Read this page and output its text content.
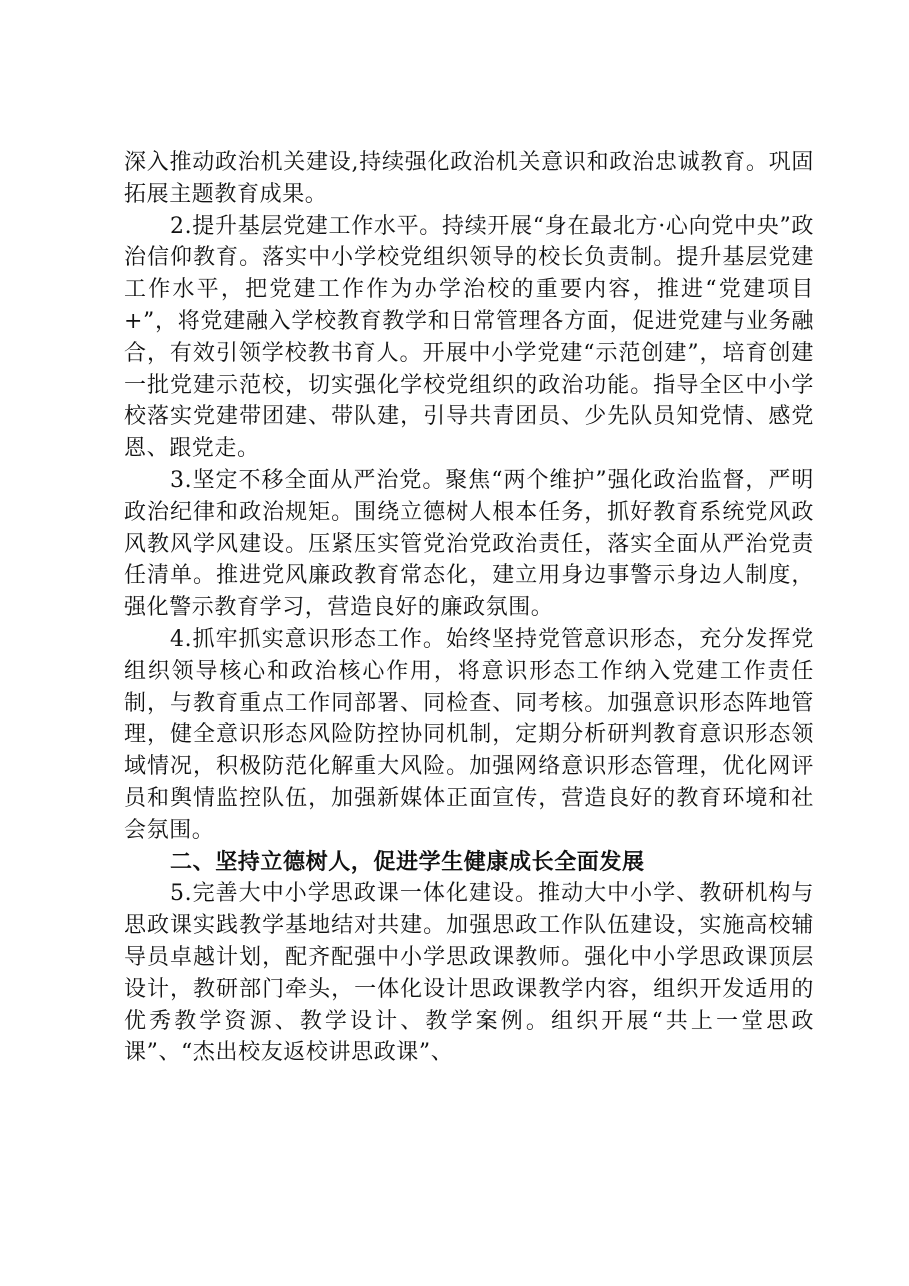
深入推动政治机关建设,持续强化政治机关意识和政治忠诚教育。巩固拓展主题教育成果。

2.提升基层党建工作水平。持续开展“身在最北方·心向党中央”政治信仰教育。落实中小学校党组织领导的校长负责制。提升基层党建工作水平，把党建工作作为办学治校的重要内容，推进“党建项目+”，将党建融入学校教育教学和日常管理各方面，促进党建与业务融合，有效引领学校教书育人。开展中小学党建“示范创建”，培育创建一批党建示范校，切实强化学校党组织的政治功能。指导全区中小学校落实党建带团建、带队建，引导共青团员、少先队员知党情、感党恩、跟党走。

3.坚定不移全面从严治党。聚焦“两个维护”强化政治监督，严明政治纪律和政治规矩。围绕立德树人根本任务，抓好教育系统党风政风教风学风建设。压紧压实管党治党政治责任，落实全面从严治党责任清单。推进党风廉政教育常态化，建立用身边事警示身边人制度，强化警示教育学习，营造良好的廉政氛围。

4.抓牢抓实意识形态工作。始终坚持党管意识形态，充分发挥党组织领导核心和政治核心作用，将意识形态工作纳入党建工作责任制，与教育重点工作同部署、同检查、同考核。加强意识形态阵地管理，健全意识形态风险防控协同机制，定期分析研判教育意识形态领域情况，积极防范化解重大风险。加强网络意识形态管理，优化网评员和舆情监控队伍，加强新媒体正面宣传，营造良好的教育环境和社会氛围。

二、坚持立德树人，促进学生健康成长全面发展

5.完善大中小学思政课一体化建设。推动大中小学、教研机构与思政课实践教学基地结对共建。加强思政工作队伍建设，实施高校辅导员卓越计划，配齐配强中小学思政课教师。强化中小学思政课顶层设计，教研部门牵头，一体化设计思政课教学内容，组织开发适用的优秀教学资源、教学设计、教学案例。组织开展“共上一堂思政课”、“杰出校友返校讲思政课”、
